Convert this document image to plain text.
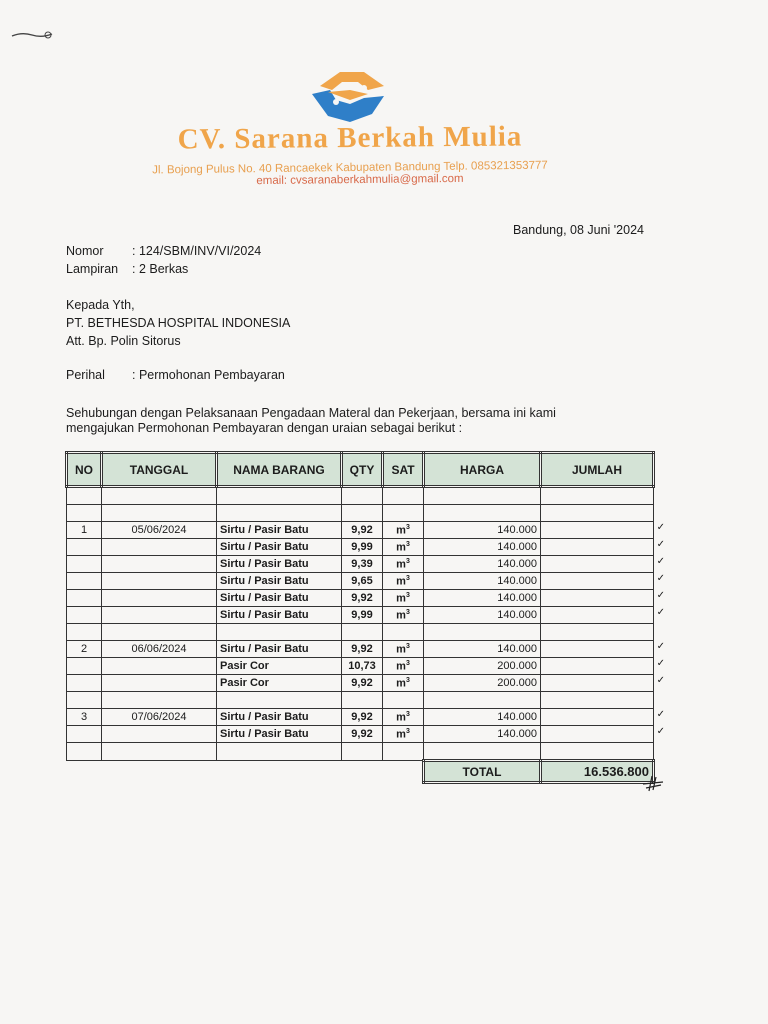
CV. Sarana Berkah Mulia
Jl. Bojong Pulus No. 40 Rancaekek Kabupaten Bandung Telp. 085321353777
email: cvsaranaberkahmulia@gmail.com
Bandung, 08 Juni '2024
Nomor : 124/SBM/INV/VI/2024
Lampiran : 2 Berkas
Kepada Yth,
PT. BETHESDA HOSPITAL INDONESIA
Att. Bp. Polin Sitorus
Perihal : Permohonan Pembayaran
Sehubungan dengan Pelaksanaan Pengadaan Materal dan Pekerjaan, bersama ini kami
mengajukan Permohonan Pembayaran dengan uraian sebagai berikut :
NO	TANGGAL	NAMA BARANG	QTY	SAT	HARGA	JUMLAH

1	05/06/2024	Sirtu / Pasir Batu	9,92	$m^3$	140.000	✓

		Sirtu / Pasir Batu	9,99	$m^3$	140.000	✓

		Sirtu / Pasir Batu	9,39	$m^3$	140.000	✓

		Sirtu / Pasir Batu	9,65	$m^3$	140.000	✓

		Sirtu / Pasir Batu	9,92	$m^3$	140.000	✓

		Sirtu / Pasir Batu	9,99	$m^3$	140.000	✓

2	06/06/2024	Sirtu / Pasir Batu	9,92	$m^3$	140.000	✓

		Pasir Cor	10,73	$m^3$	200.000	✓

		Pasir Cor	9,92	$m^3$	200.000	✓

3	07/06/2024	Sirtu / Pasir Batu	9,92	$m^3$	140.000	✓

		Sirtu / Pasir Batu	9,92	$m^3$	140.000	✓

					TOTAL	16.536.800
